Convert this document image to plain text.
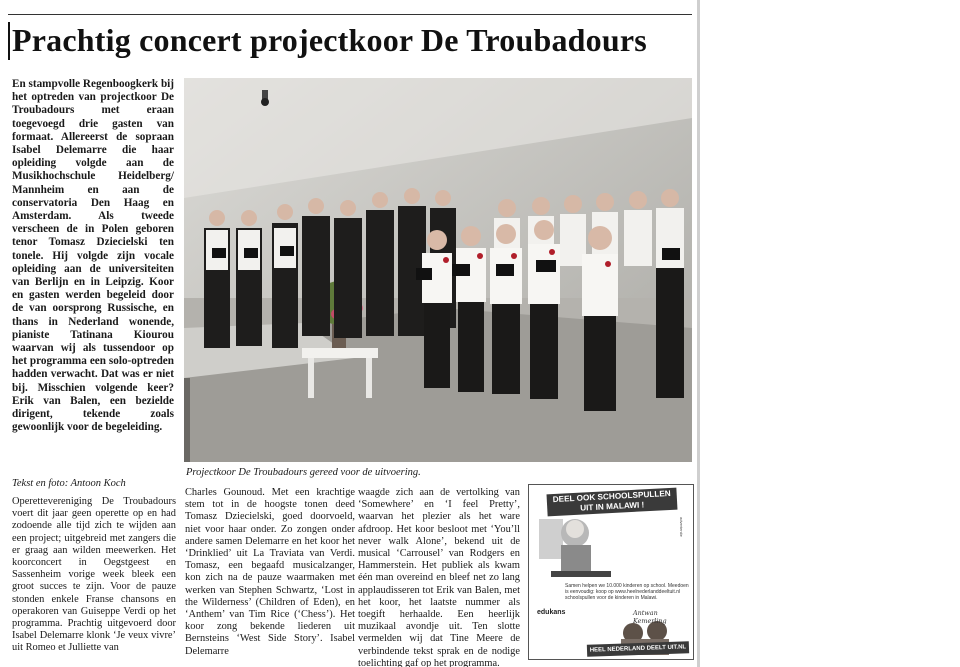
Prachtig concert projectkoor De Troubadours

En stampvolle Regenboogkerk bij het optreden van projectkoor De Troubadours met eraan toegevoegd drie gasten van formaat. Allereerst de sopraan Isabel Delemarre die haar opleiding volgde aan de Musikhochschule Heidelberg/ Mannheim en aan de conservatoria Den Haag en Amsterdam. Als tweede verscheen de in Polen geboren tenor Tomasz Dziecielski ten tonele. Hij volgde zijn vocale opleiding aan de universiteiten van Berlijn en in Leipzig. Koor en gasten werden begeleid door de van oorsprong Russische, en thans in Nederland wonende, pianiste Tatinana Kiourou waarvan wij als tussendoor op het programma een solo-optreden hadden verwacht. Dat was er niet bij. Misschien volgende keer? Erik van Balen, een bezielde dirigent, tekende zoals gewoonlijk voor de begeleiding.

Tekst en foto: Antoon Koch

Projectkoor De Troubadours gereed voor de uitvoering.

Operettevereniging De Troubadours voert dit jaar geen operette op en had zodoende alle tijd zich te wijden aan een project; uitgebreid met zangers die er graag aan wilden meewerken. Het koorconcert in Oegstgeest en Sassenheim vorige week bleek een groot succes te zijn. Voor de pauze stonden enkele Franse chansons en operakoren van Guiseppe Verdi op het programma. Prachtig uitgevoerd door Isabel Delemarre klonk ‘Je veux vivre’ uit Romeo et Julliette van

Charles Gounoud. Met een krachtige stem tot in de hoogste tonen deed Tomasz Dziecielski, goed doorvoeld, niet voor haar onder. Zo zongen onder andere samen Delemarre en het koor het ‘Drinklied’ uit La Traviata van Verdi. Tomasz, een begaafd musicalzanger, kon zich na de pauze waarmaken met werken van Stephen Schwartz, ‘Lost in the Wilderness’ (Children of Eden), en ‘Anthem’ van Tim Rice (‘Chess’). Het koor zong bekende liederen uit Bernsteins ‘West Side Story’. Isabel Delemarre

waagde zich aan de vertolking van ‘Somewhere’ en ‘I feel Pretty’, waarvan het plezier als het ware afdroop. Het koor besloot met ‘You’ll never walk Alone’, bekend uit de musical ‘Carrousel’ van Rodgers en Hammerstein. Het publiek als kwam één man overeind en bleef net zo lang applaudisseren tot Erik van Balen, met het koor, het laatste nummer als toegift herhaalde. Een heerlijk muzikaal avondje uit. Ten slotte vermelden wij dat Tine Meere de verbindende tekst sprak en de nodige toelichting gaf op het programma.

DEEL OOK SCHOOLSPULLEN UIT IN MALAWI !
advertentie
Samen helpen we 10.000 kinderen op school. Meedoen is eenvoudig: koop op www.heelnederlanddeeltuit.nl schoolspullen voor de kinderen in Malawi.
edukans	Antwan Kemerling
HEEL NEDERLAND DEELT UIT.NL
